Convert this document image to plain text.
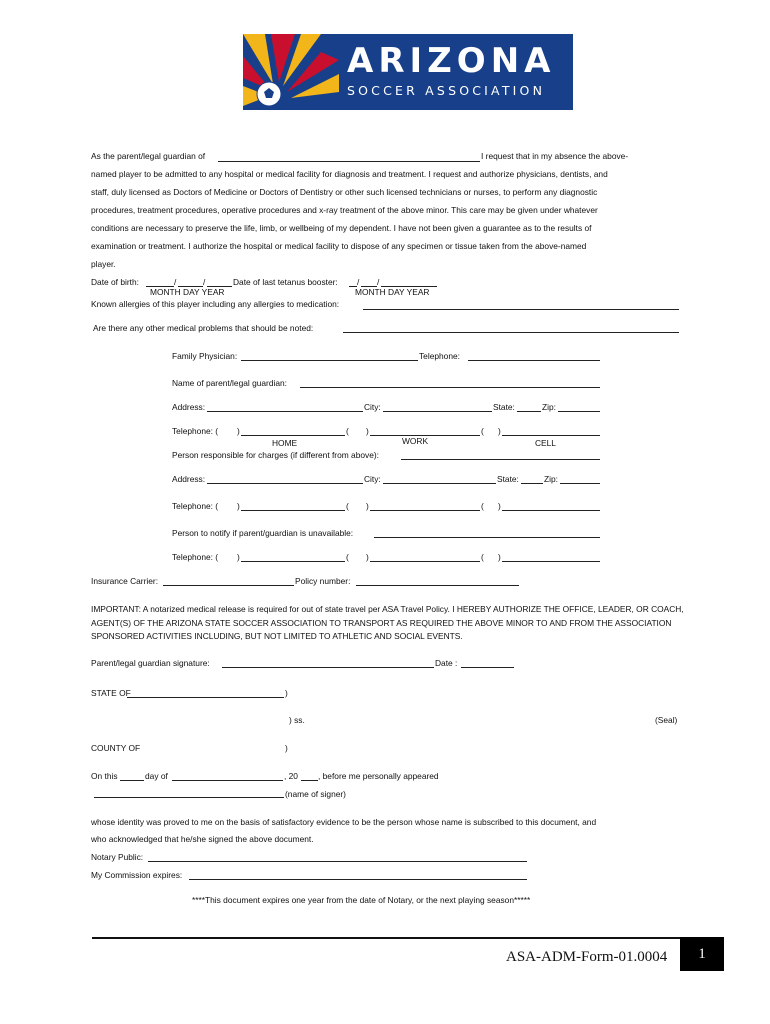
ARIZONA
SOCCER ASSOCIATION
As the parent/legal guardian of	I request that in my absence the above-
named player to be admitted to any hospital or medical facility for diagnosis and treatment. I request and authorize physicians, dentists, and
staff, duly licensed as Doctors of Medicine or Doctors of Dentistry or other such licensed technicians or nurses, to perform any diagnostic
procedures, treatment procedures, operative procedures and x-ray treatment of the above minor. This care may be given under whatever
conditions are necessary to preserve the life, limb, or wellbeing of my dependent. I have not been given a guarantee as to the results of
examination or treatment. I authorize the hospital or medical facility to dispose of any specimen or tissue taken from the above-named
player.
Date of birth:	/	/	Date of last tetanus booster: / /
MONTH DAY YEAR	MONTH DAY YEAR
Known allergies of this player including any allergies to medication:
Are there any other medical problems that should be noted:
Family Physician:	Telephone:
Name of parent/legal guardian:
Address:	City:	State:	Zip:
Telephone: ( )	( )	( )
HOME	WORK	CELL
Person responsible for charges (if different from above):
Address:	City:	State:	Zip:
Telephone: ( )	( )	( )
Person to notify if parent/guardian is unavailable:
Telephone: ( )	( )	( )
Insurance Carrier:	Policy number:
IMPORTANT: A notarized medical release is required for out of state travel per ASA Travel Policy. I HEREBY AUTHORIZE THE OFFICE, LEADER, OR COACH, AGENT(S) OF THE ARIZONA STATE SOCCER ASSOCIATION TO TRANSPORT AS REQUIRED THE ABOVE MINOR TO AND FROM THE ASSOCIATION SPONSORED ACTIVITIES INCLUDING, BUT NOT LIMITED TO ATHLETIC AND SOCIAL EVENTS.
Parent/legal guardian signature:	Date :
STATE OF	)
) ss.	(Seal)
COUNTY OF	)
On this	day of	, 20 , before me personally appeared
(name of signer)
whose identity was proved to me on the basis of satisfactory evidence to be the person whose name is subscribed to this document, and
who acknowledged that he/she signed the above document.
Notary Public:
My Commission expires:
****This document expires one year from the date of Notary, or the next playing season*****
ASA-ADM-Form-01.0004	1
